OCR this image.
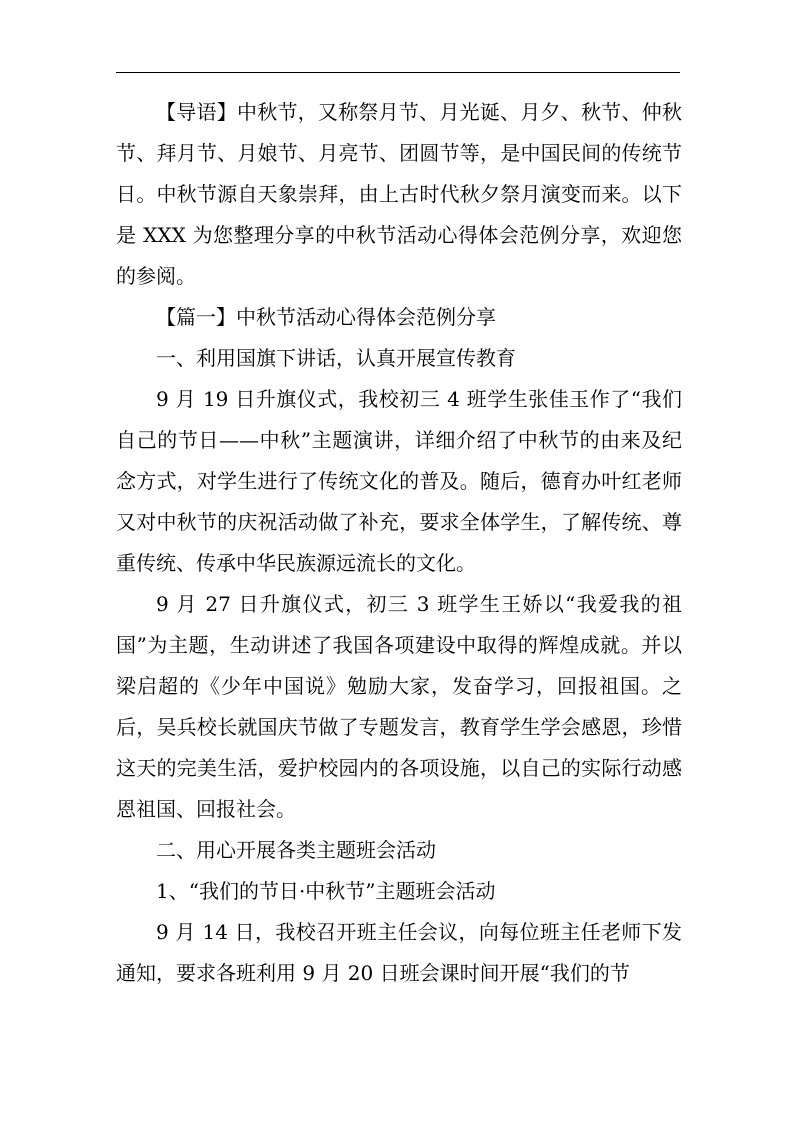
【导语】中秋节，又称祭月节、月光诞、月夕、秋节、仲秋节、拜月节、月娘节、月亮节、团圆节等，是中国民间的传统节日。中秋节源自天象崇拜，由上古时代秋夕祭月演变而来。以下是 XXX 为您整理分享的中秋节活动心得体会范例分享，欢迎您的参阅。

【篇一】中秋节活动心得体会范例分享

一、利用国旗下讲话，认真开展宣传教育

9 月 19 日升旗仪式，我校初三 4 班学生张佳玉作了“我们自己的节日——中秋”主题演讲，详细介绍了中秋节的由来及纪念方式，对学生进行了传统文化的普及。随后，德育办叶红老师又对中秋节的庆祝活动做了补充，要求全体学生，了解传统、尊重传统、传承中华民族源远流长的文化。

9 月 27 日升旗仪式，初三 3 班学生王娇以“我爱我的祖国”为主题，生动讲述了我国各项建设中取得的辉煌成就。并以梁启超的《少年中国说》勉励大家，发奋学习，回报祖国。之后，吴兵校长就国庆节做了专题发言，教育学生学会感恩，珍惜这天的完美生活，爱护校园内的各项设施，以自己的实际行动感恩祖国、回报社会。

二、用心开展各类主题班会活动

1、“我们的节日·中秋节”主题班会活动

9 月 14 日，我校召开班主任会议，向每位班主任老师下发通知，要求各班利用 9 月 20 日班会课时间开展“我们的节
